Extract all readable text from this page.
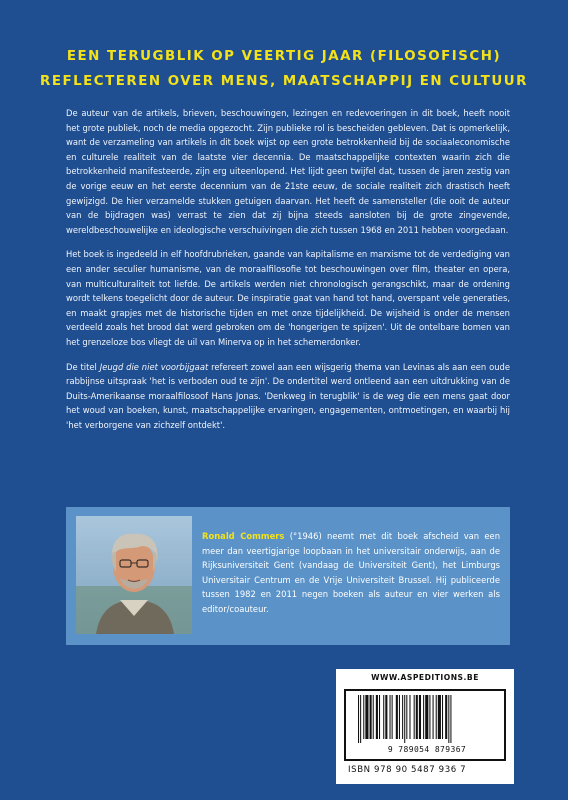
EEN TERUGBLIK OP VEERTIG JAAR (FILOSOFISCH)
REFLECTEREN OVER MENS, MAATSCHAPPIJ EN CULTUUR

De auteur van de artikels, brieven, beschouwingen, lezingen en redevoeringen in dit boek, heeft nooit het grote publiek, noch de media opgezocht. Zijn publieke rol is bescheiden gebleven. Dat is opmerkelijk, want de verzameling van artikels in dit boek wijst op een grote betrokkenheid bij de sociaaleconomische en culturele realiteit van de laatste vier decennia. De maatschappelijke contexten waarin zich die betrokkenheid manifesteerde, zijn erg uiteenlopend. Het lijdt geen twijfel dat, tussen de jaren zestig van de vorige eeuw en het eerste decennium van de 21ste eeuw, de sociale realiteit zich drastisch heeft gewijzigd. De hier verzamelde stukken getuigen daarvan. Het heeft de samensteller (die ooit de auteur van de bijdragen was) verrast te zien dat zij bijna steeds aansloten bij de grote zingevende, wereldbeschouwelijke en ideologische verschuivingen die zich tussen 1968 en 2011 hebben voorgedaan.

Het boek is ingedeeld in elf hoofdrubrieken, gaande van kapitalisme en marxisme tot de verdediging van een ander seculier humanisme, van de moraalfilosofie tot beschouwingen over film, theater en opera, van multiculturaliteit tot liefde. De artikels werden niet chronologisch gerangschikt, maar de ordening wordt telkens toegelicht door de auteur. De inspiratie gaat van hand tot hand, overspant vele generaties, en maakt grapjes met de historische tijden en met onze tijdelijkheid. De wijsheid is onder de mensen verdeeld zoals het brood dat werd gebroken om de 'hongerigen te spijzen'. Uit de ontelbare bomen van het grenzeloze bos vliegt de uil van Minerva op in het schemerdonker.

De titel Jeugd die niet voorbijgaat refereert zowel aan een wijsgerig thema van Levinas als aan een oude rabbijnse uitspraak 'het is verboden oud te zijn'. De ondertitel werd ontleend aan een uitdrukking van de Duits-Amerikaanse moraalfilosoof Hans Jonas. 'Denkweg in terugblik' is de weg die een mens gaat door het woud van boeken, kunst, maatschappelijke ervaringen, engagementen, ontmoetingen, en waarbij hij 'het verborgene van zichzelf ontdekt'.

Ronald Commers (°1946) neemt met dit boek afscheid van een meer dan veertigjarige loopbaan in het universitair onderwijs, aan de Rijksuniversiteit Gent (vandaag de Universiteit Gent), het Limburgs Universitair Centrum en de Vrije Universiteit Brussel. Hij publiceerde tussen 1982 en 2011 negen boeken als auteur en vier werken als editor/coauteur.
WWW.ASPEDITIONS.BE
9 789054 879367
ISBN 978 90 5487 936 7
